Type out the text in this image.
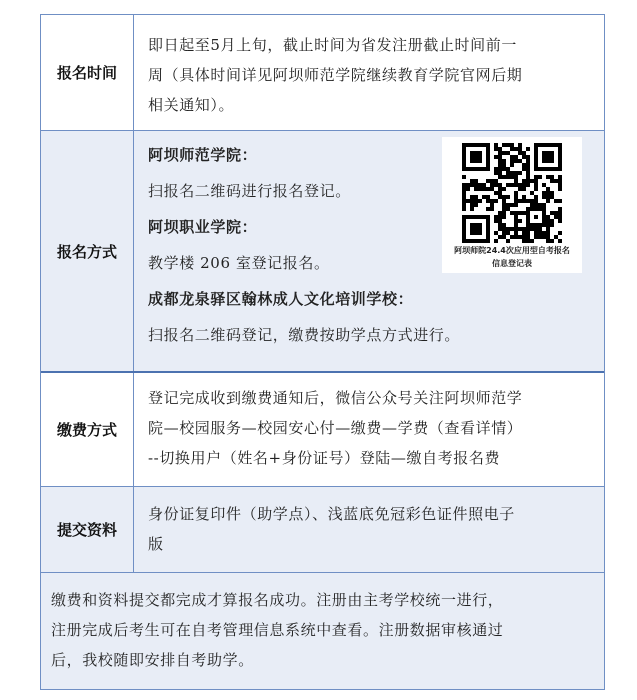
报名时间

即日起至5月上旬，截止时间为省发注册截止时间前一

周（具体时间详见阿坝师范学院继续教育学院官网后期

相关通知）。

报名方式

阿坝师范学院：

扫报名二维码进行报名登记。

阿坝职业学院：

教学楼 206 室登记报名。

成都龙泉驿区翰林成人文化培训学校：

扫报名二维码登记，缴费按助学点方式进行。

阿坝师院24.4次应用型自考报名
信息登记表
缴费方式

登记完成收到缴费通知后，微信公众号关注阿坝师范学

院—校园服务—校园安心付—缴费—学费（查看详情）

--切换用户（姓名+身份证号）登陆—缴自考报名费

提交资料

身份证复印件（助学点）、浅蓝底免冠彩色证件照电子

版

缴费和资料提交都完成才算报名成功。注册由主考学校统一进行，

注册完成后考生可在自考管理信息系统中查看。注册数据审核通过

后，我校随即安排自考助学。
